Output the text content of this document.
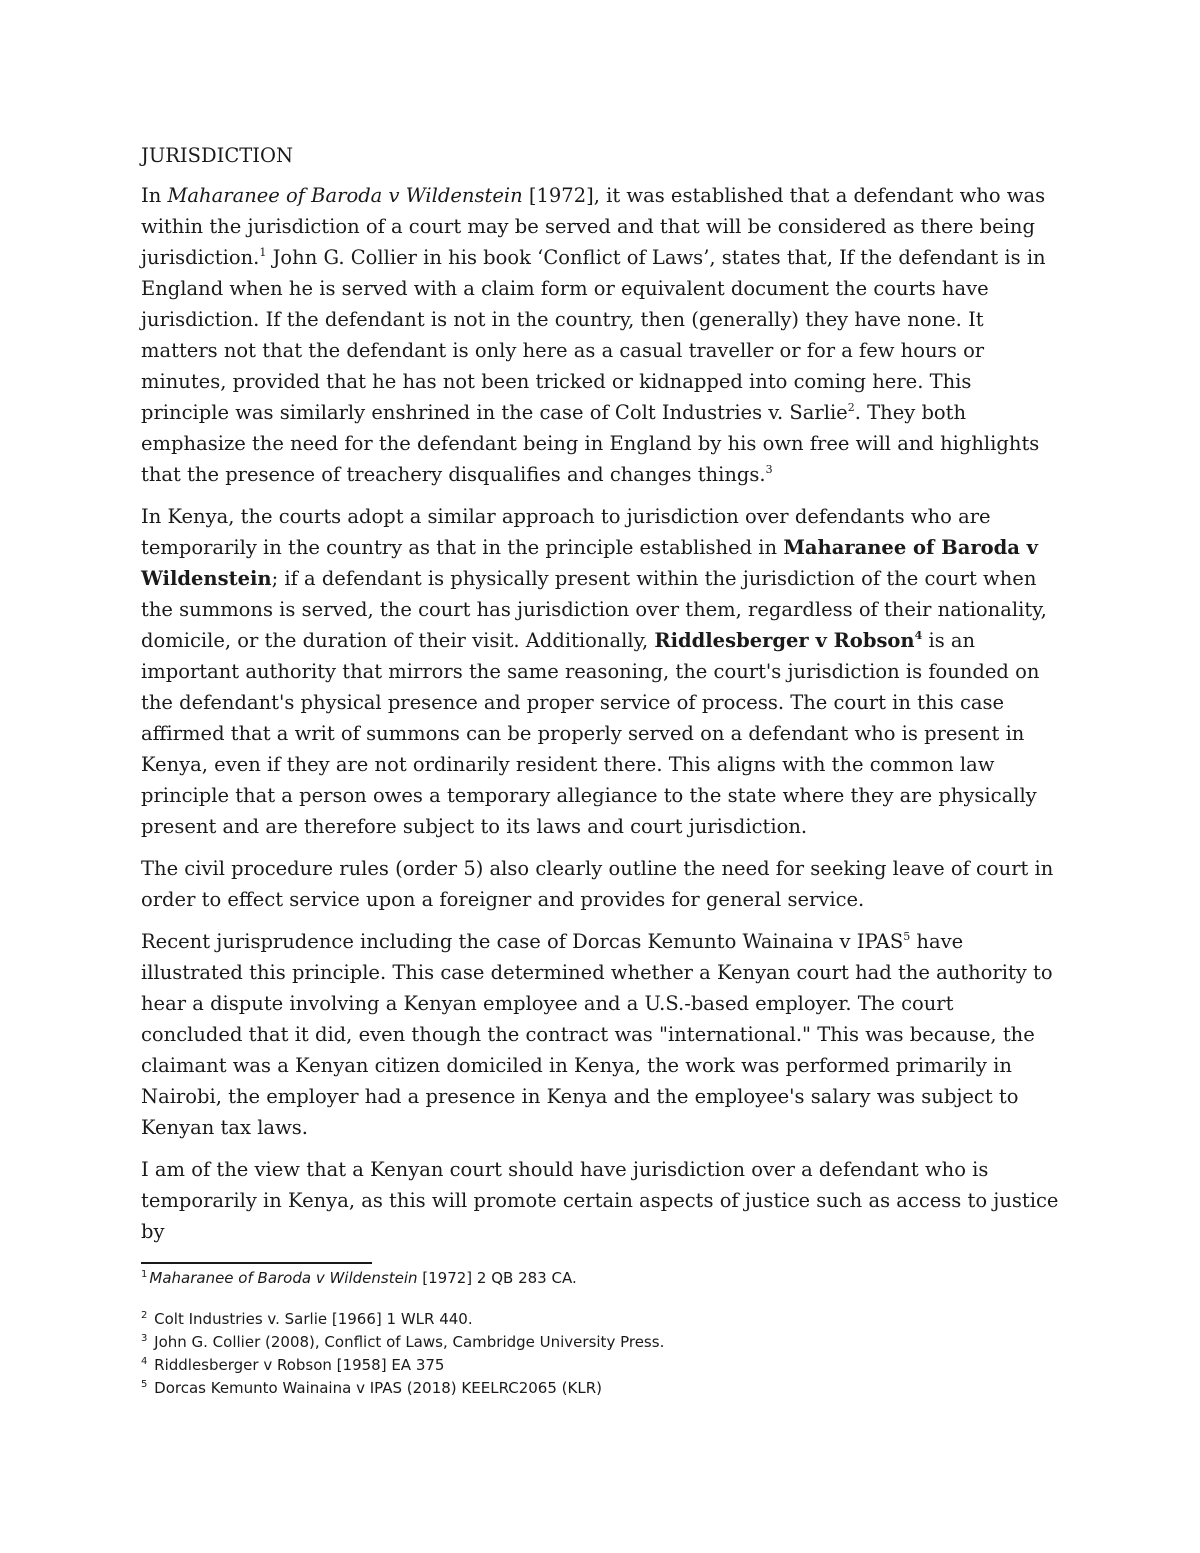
JURISDICTION

In Maharanee of Baroda v Wildenstein [1972], it was established that a defendant who was within the jurisdiction of a court may be served and that will be considered as there being jurisdiction.$^1$ John G. Collier in his book ‘Conflict of Laws’, states that, If the defendant is in England when he is served with a claim form or equivalent document the courts have jurisdiction. If the defendant is not in the country, then (generally) they have none. It matters not that the defendant is only here as a casual traveller or for a few hours or minutes, provided that he has not been tricked or kidnapped into coming here. This principle was similarly enshrined in the case of Colt Industries v. Sarlie$^2$. They both emphasize the need for the defendant being in England by his own free will and highlights that the presence of treachery disqualifies and changes things.$^3$

In Kenya, the courts adopt a similar approach to jurisdiction over defendants who are temporarily in the country as that in the principle established in Maharanee of Baroda v Wildenstein; if a defendant is physically present within the jurisdiction of the court when the summons is served, the court has jurisdiction over them, regardless of their nationality, domicile, or the duration of their visit. Additionally, Riddlesberger v Robson$^4$ is an important authority that mirrors the same reasoning, the court's jurisdiction is founded on the defendant's physical presence and proper service of process. The court in this case affirmed that a writ of summons can be properly served on a defendant who is present in Kenya, even if they are not ordinarily resident there. This aligns with the common law principle that a person owes a temporary allegiance to the state where they are physically present and are therefore subject to its laws and court jurisdiction.

The civil procedure rules (order 5) also clearly outline the need for seeking leave of court in order to effect service upon a foreigner and provides for general service.

Recent jurisprudence including the case of Dorcas Kemunto Wainaina v IPAS$^5$ have illustrated this principle. This case determined whether a Kenyan court had the authority to hear a dispute involving a Kenyan employee and a U.S.-based employer. The court concluded that it did, even though the contract was "international." This was because, the claimant was a Kenyan citizen domiciled in Kenya, the work was performed primarily in Nairobi, the employer had a presence in Kenya and the employee's salary was subject to Kenyan tax laws.

I am of the view that a Kenyan court should have jurisdiction over a defendant who is temporarily in Kenya, as this will promote certain aspects of justice such as access to justice by

$^1$ Maharanee of Baroda v Wildenstein [1972] 2 QB 283 CA.

$^2$ Colt Industries v. Sarlie [1966] 1 WLR 440.

$^3$ John G. Collier (2008), Conflict of Laws, Cambridge University Press.

$^4$ Riddlesberger v Robson [1958] EA 375

$^5$ Dorcas Kemunto Wainaina v IPAS (2018) KEELRC2065 (KLR)
